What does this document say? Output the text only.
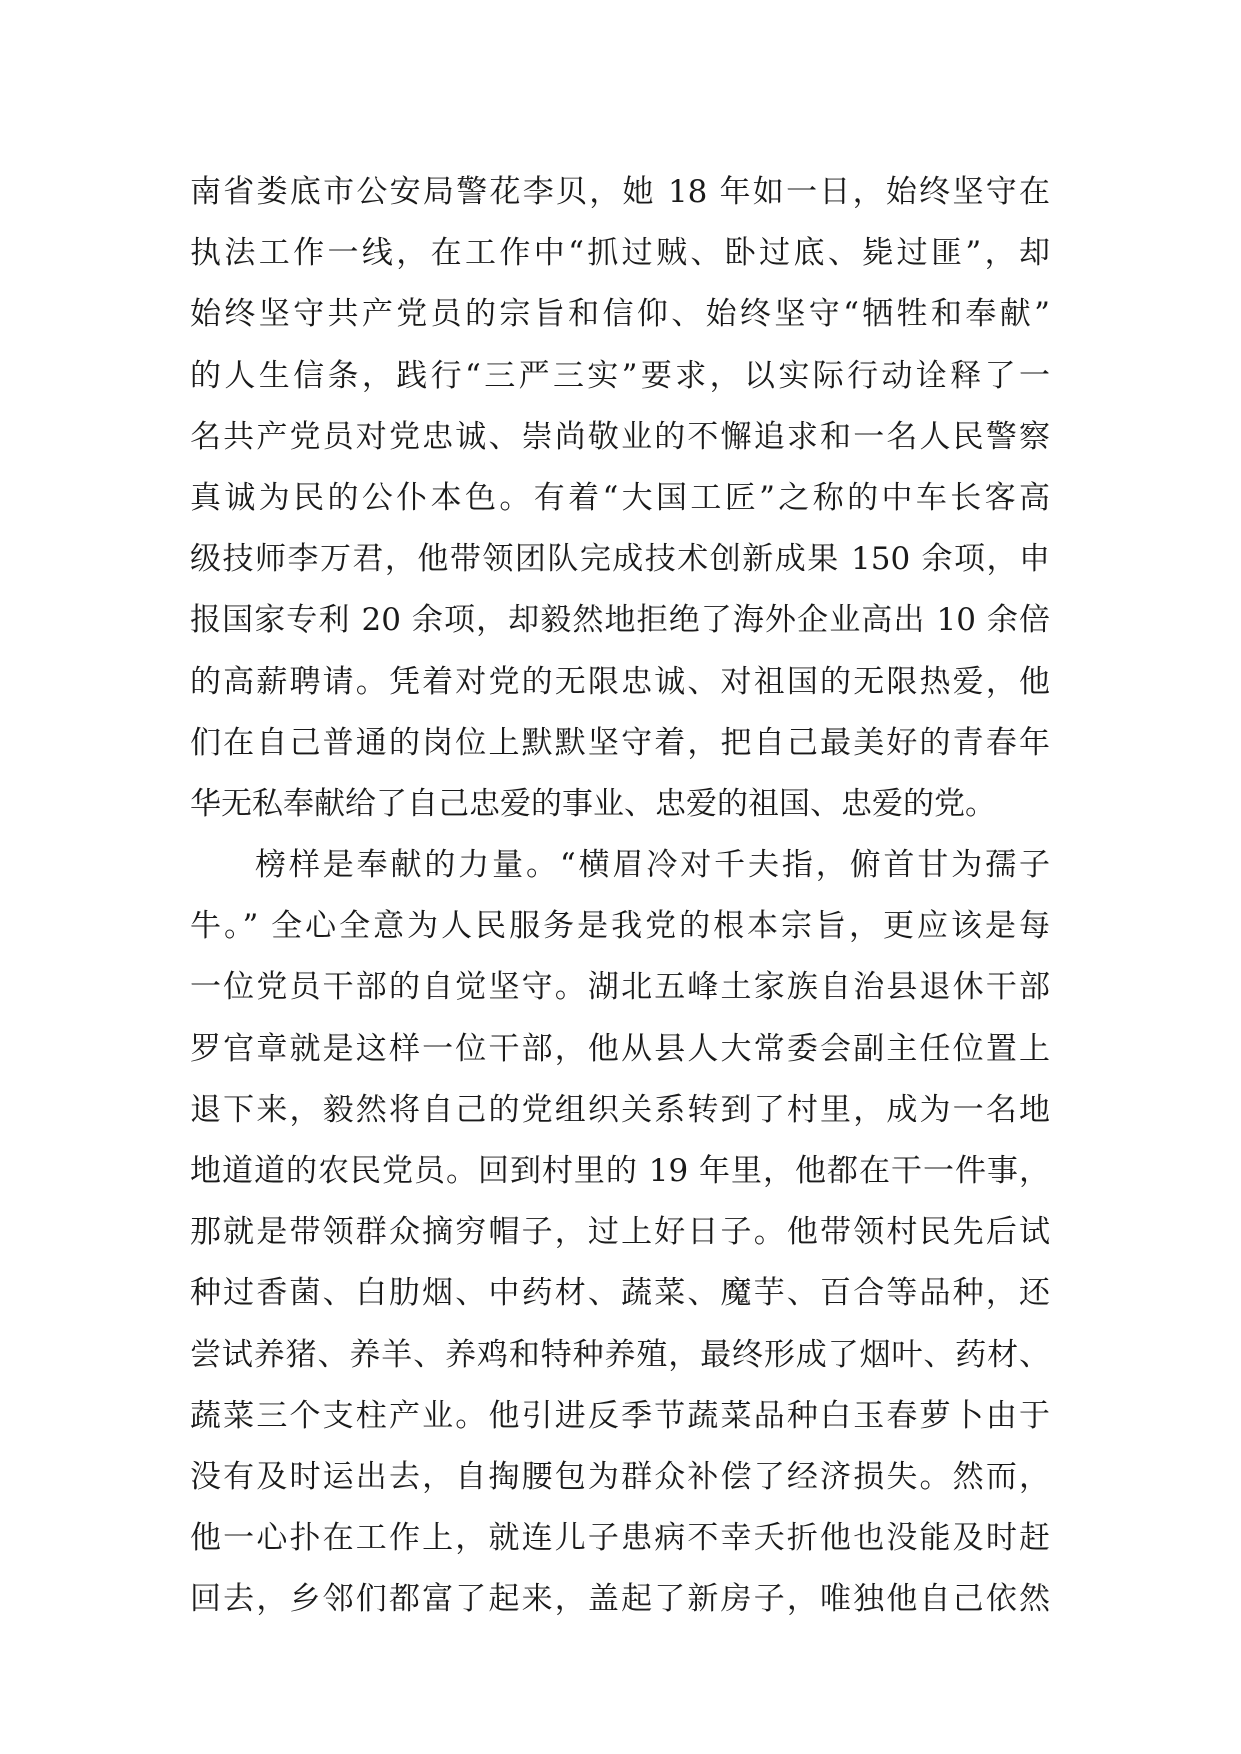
南省娄底市公安局警花李贝，她 18 年如一日，始终坚守在
执法工作一线，在工作中“抓过贼、卧过底、毙过匪”，却
始终坚守共产党员的宗旨和信仰、始终坚守“牺牲和奉献”
的人生信条，践行“三严三实”要求，以实际行动诠释了一
名共产党员对党忠诚、崇尚敬业的不懈追求和一名人民警察
真诚为民的公仆本色。有着“大国工匠”之称的中车长客高
级技师李万君，他带领团队完成技术创新成果 150 余项，申
报国家专利 20 余项，却毅然地拒绝了海外企业高出 10 余倍
的高薪聘请。凭着对党的无限忠诚、对祖国的无限热爱，他
们在自己普通的岗位上默默坚守着，把自己最美好的青春年
华无私奉献给了自己忠爱的事业、忠爱的祖国、忠爱的党。
榜样是奉献的力量。“横眉冷对千夫指，俯首甘为孺子
牛。” 全心全意为人民服务是我党的根本宗旨，更应该是每
一位党员干部的自觉坚守。湖北五峰土家族自治县退休干部
罗官章就是这样一位干部，他从县人大常委会副主任位置上
退下来，毅然将自己的党组织关系转到了村里，成为一名地
地道道的农民党员。回到村里的 19 年里，他都在干一件事，
那就是带领群众摘穷帽子，过上好日子。他带领村民先后试
种过香菌、白肋烟、中药材、蔬菜、魔芋、百合等品种，还
尝试养猪、养羊、养鸡和特种养殖，最终形成了烟叶、药材、
蔬菜三个支柱产业。他引进反季节蔬菜品种白玉春萝卜由于
没有及时运出去，自掏腰包为群众补偿了经济损失。然而，
他一心扑在工作上，就连儿子患病不幸夭折他也没能及时赶
回去，乡邻们都富了起来，盖起了新房子，唯独他自己依然
